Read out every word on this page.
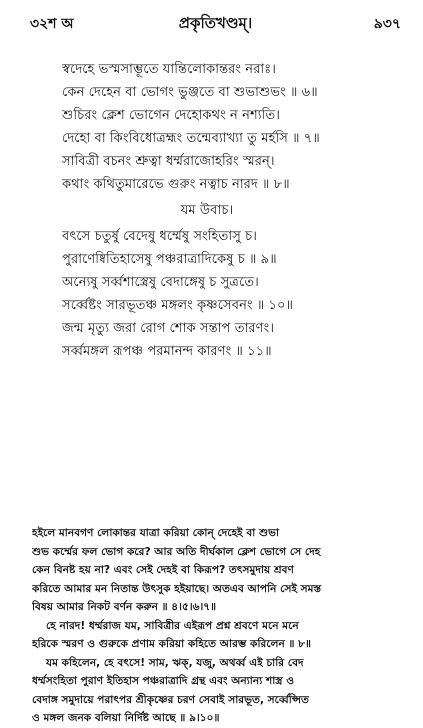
৩২শ অ	প্রকৃতিখণ্ডম্।	৯৩৭
স্বদেহে ভস্মসাম্ভূতে যান্তিলোকান্তরং নরাঃ।
কেন দেহেন বা ভোগং ভুঞ্জতে বা শুভাশুভং ॥ ৬॥
শুচিরং ক্লেশ ভোগেন দেহোকথং ন নশ্যতি।
দেহো বা কিংবিধোত্ৰহ্মং তন্মেব্যাখ্যা তু মর্হসি ॥ ৭॥
সাবিত্রী বচনং শ্রুত্বা ধর্ম্মরাজোহরিং স্মরন্।
কথাং কথিতুমারেভে গুরুং নত্বাচ নারদ ॥ ৮॥
যম উবাচ।
বৎসে চতুর্ষু বেদেষু ধর্ম্মেষু সংহিতাসু চ।
পুরাণেষ্বিতিহাসেষু পঞ্চরাত্রাদিকেষু চ ॥ ৯॥
অন্যেষু সর্ব্বশাস্ত্রেষু বেদাঙ্গেষু চ সুত্রতে।
সর্ব্বেষ্টং সারভূতঞ্চ মঙ্গলং কৃষ্ণসেবনং ॥ ১০॥
জন্ম মৃত্যু জরা রোগ শোক সন্তাপ তারণং।
সর্ব্বমঙ্গল রূপঞ্চ পরমানন্দ কারণং ॥ ১১॥
হইলে মানবগণ লোকান্তর যাত্রা করিয়া কোন্ দেহেই বা শুভা
শুভ কর্ম্মের ফল ভোগ করে? আর অতি দীর্ঘকাল ক্লেশ ভোগে সে দেহ
কেন বিনষ্ট হয় না? এবং সেই দেহই বা কিরূপ? তৎসমুদায় শ্রবণ
করিতে আমার মন নিতান্ত উৎসুক হইয়াছে। অতএব আপনি সেই সমস্ত
বিষয় আমার নিকট বর্ণন করুন ॥ ৪।৫।৬।৭॥
হে নারদ! ধর্ম্মরাজ যম, সাবিত্রীর এইরূপ প্রশ্ন শ্রবণে মনে মনে
হরিকে স্মরণ ও গুরুকে প্রণাম করিয়া কহিতে আরম্ভ করিলেন ॥ ৮॥
যম কহিলেন, হে বৎসে! সাম, ঋক্, যজু, অথর্ব্ব এই চারি বেদ
ধর্ম্মসংহিতা পুরাণ ইতিহাস পঞ্চরাত্রাদি গ্রন্থ এবং অন্যান্য শাস্ত্র ও
বেদাঙ্গ সমুদায়ে পরাৎপর শ্রীকৃষ্ণের চরণ সেবাই সারভূত, সর্ব্বেপ্সিত
ও মঙ্গল জনক বলিয়া নির্দিষ্ট আছে ॥ ৯।১০॥
